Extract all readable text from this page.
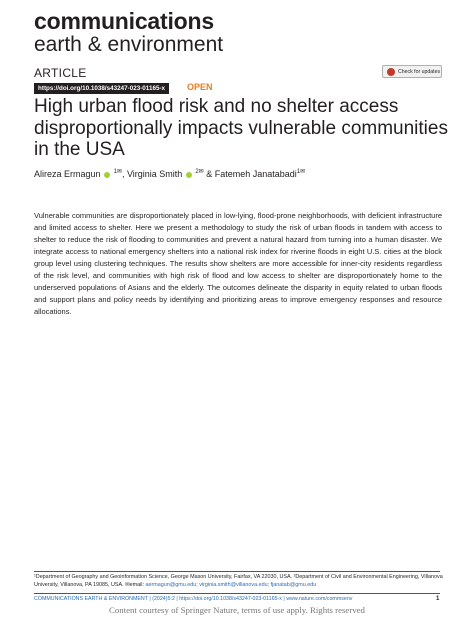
communications
earth & environment
ARTICLE	Check for updates
https://doi.org/10.1038/s43247-023-01165-x	OPEN
High urban flood risk and no shelter access disproportionally impacts vulnerable communities in the USA
Alireza Ermagun $^{1✉}$, Virginia Smith $^{2✉}$ & Fatemeh Janatabadi$^{1✉}$
Vulnerable communities are disproportionately placed in low-lying, flood-prone neighborhoods, with deficient infrastructure and limited access to shelter. Here we present a methodology to study the risk of urban floods in tandem with access to shelter to reduce the risk of flooding to communities and prevent a natural hazard from turning into a human disaster. We integrate access to national emergency shelters into a national risk index for riverine floods in eight U.S. cities at the block group level using clustering techniques. The results show shelters are more accessible for inner-city residents regardless of the risk level, and communities with high risk of flood and low access to shelter are disproportionately home to the underserved populations of Asians and the elderly. The outcomes delineate the disparity in equity related to urban floods and support plans and policy needs by identifying and prioritizing areas to improve emergency responses and resource allocations.
¹Department of Geography and Geoinformation Science, George Mason University, Fairfax, VA 22030, USA. ²Department of Civil and Environmental Engineering, Villanova University, Villanova, PA 19085, USA. ✉email: aermagun@gmu.edu; virginia.smith@villanova.edu; fjanatab@gmu.edu
COMMUNICATIONS EARTH & ENVIRONMENT | (2024)5:2 | https://doi.org/10.1038/s43247-023-01165-x | www.nature.com/commsenv	1
Content courtesy of Springer Nature, terms of use apply. Rights reserved
